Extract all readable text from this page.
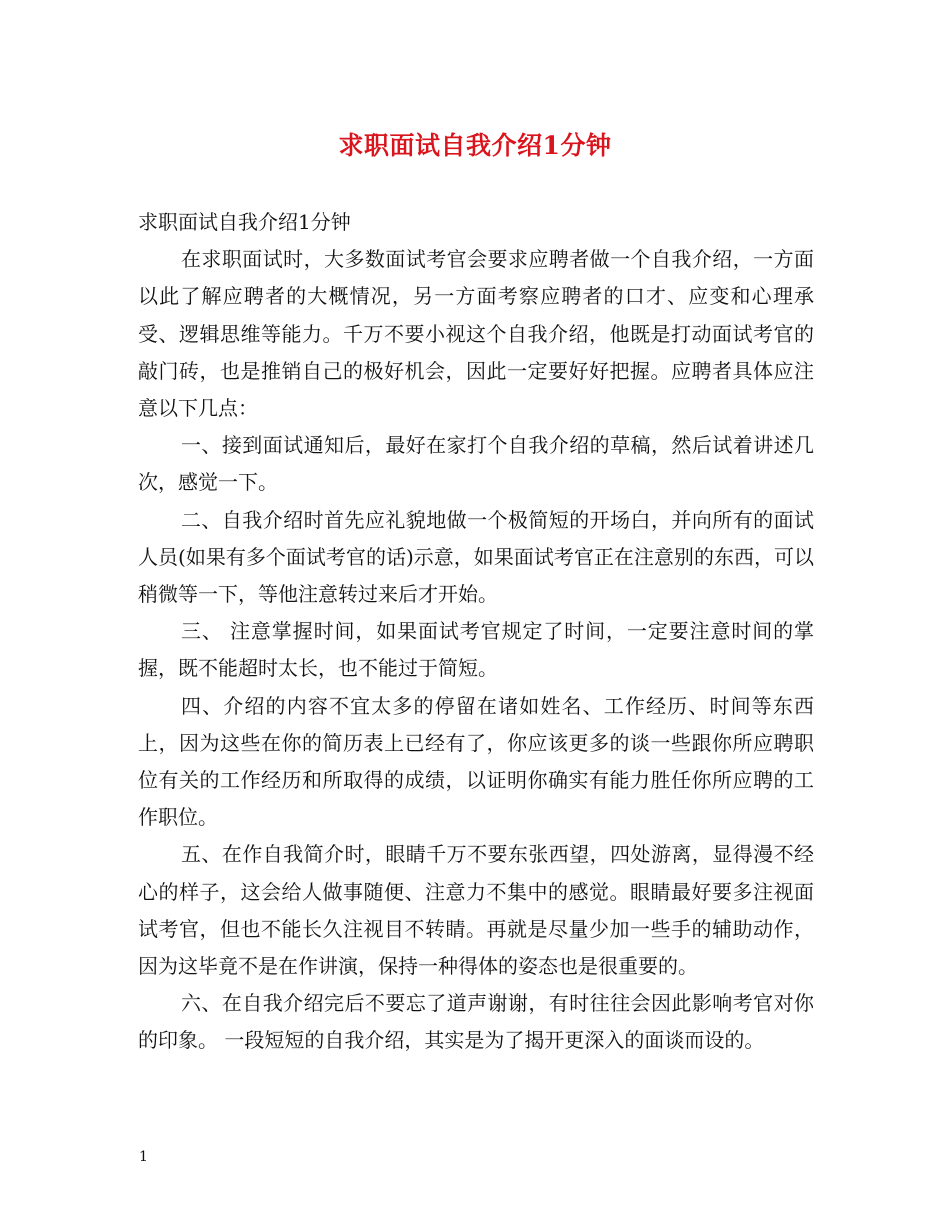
求职面试自我介绍1分钟

求职面试自我介绍1分钟

在求职面试时，大多数面试考官会要求应聘者做一个自我介绍，一方面以此了解应聘者的大概情况，另一方面考察应聘者的口才、应变和心理承受、逻辑思维等能力。千万不要小视这个自我介绍，他既是打动面试考官的敲门砖，也是推销自己的极好机会，因此一定要好好把握。应聘者具体应注意以下几点：

一、接到面试通知后，最好在家打个自我介绍的草稿，然后试着讲述几次，感觉一下。

二、自我介绍时首先应礼貌地做一个极简短的开场白，并向所有的面试人员(如果有多个面试考官的话)示意，如果面试考官正在注意别的东西，可以稍微等一下，等他注意转过来后才开始。

三、 注意掌握时间，如果面试考官规定了时间，一定要注意时间的掌握，既不能超时太长，也不能过于简短。

四、介绍的内容不宜太多的停留在诸如姓名、工作经历、时间等东西上，因为这些在你的简历表上已经有了，你应该更多的谈一些跟你所应聘职位有关的工作经历和所取得的成绩，以证明你确实有能力胜任你所应聘的工作职位。

五、在作自我简介时，眼睛千万不要东张西望，四处游离，显得漫不经心的样子，这会给人做事随便、注意力不集中的感觉。眼睛最好要多注视面试考官，但也不能长久注视目不转睛。再就是尽量少加一些手的辅助动作，因为这毕竟不是在作讲演，保持一种得体的姿态也是很重要的。

六、在自我介绍完后不要忘了道声谢谢，有时往往会因此影响考官对你的印象。 一段短短的自我介绍，其实是为了揭开更深入的面谈而设的。

1
